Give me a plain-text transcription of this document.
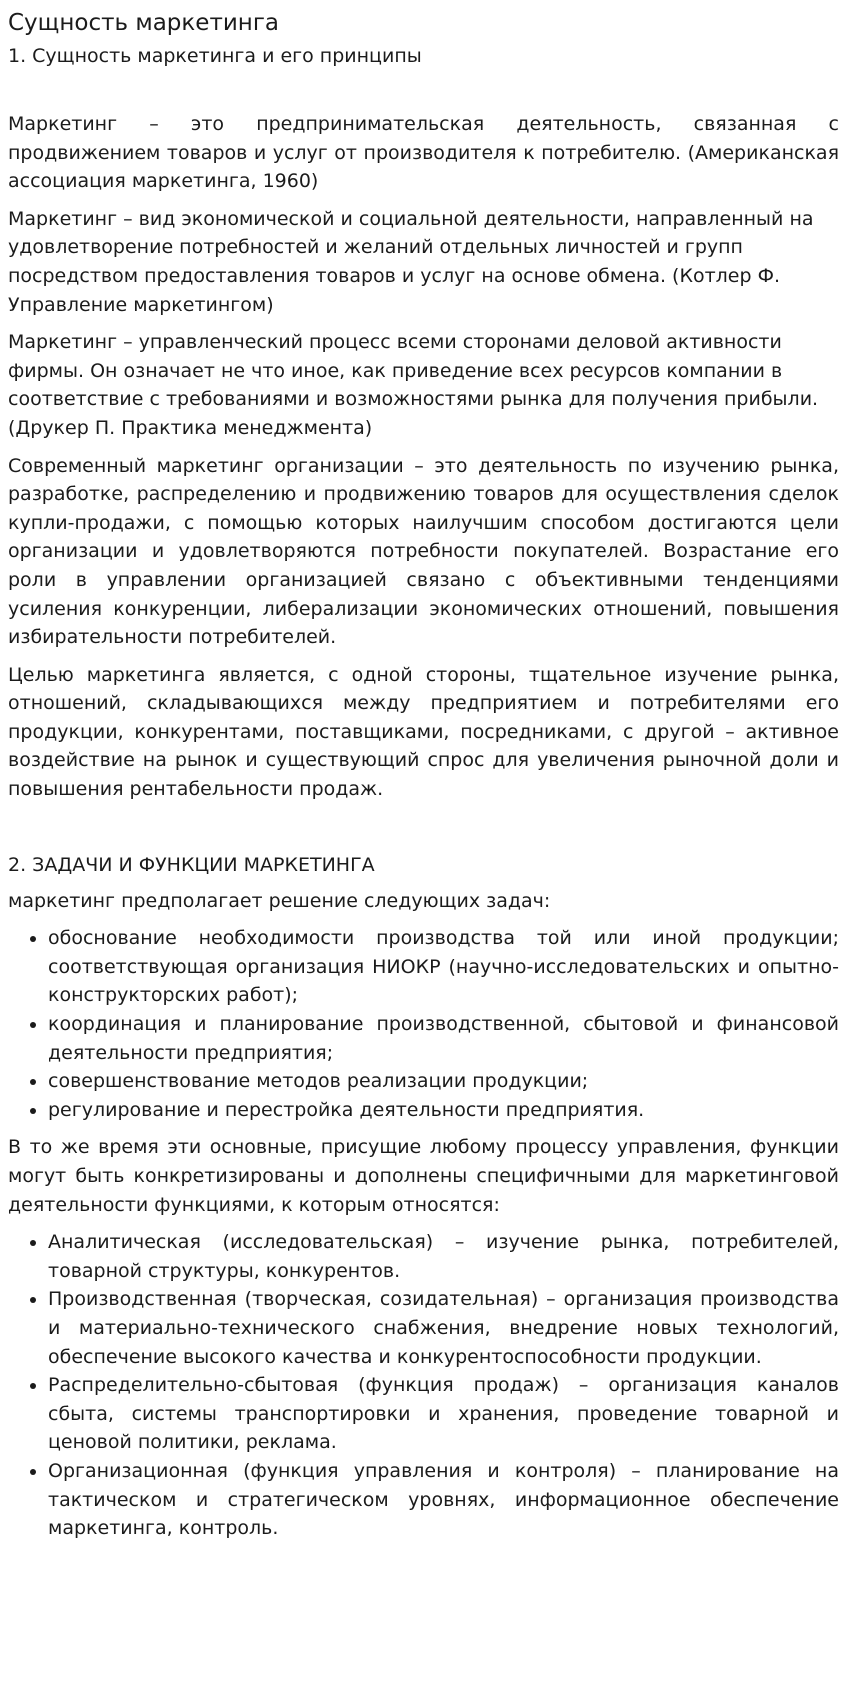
Сущность маркетинга
1. Сущность маркетинга и его принципы

Маркетинг – это предпринимательская деятельность, связанная с продвижением товаров и услуг от производителя к потребителю. (Американская ассоциация маркетинга, 1960)

Маркетинг – вид экономической и социальной деятельности, направленный на удовлетворение потребностей и желаний отдельных личностей и групп посредством предоставления товаров и услуг на основе обмена. (Котлер Ф. Управление маркетингом)

Маркетинг – управленческий процесс всеми сторонами деловой активности фирмы. Он означает не что иное, как приведение всех ресурсов компании в соответствие с требованиями и возможностями рынка для получения прибыли. (Друкер П. Практика менеджмента)

Современный маркетинг организации – это деятельность по изучению рынка, разработке, распределению и продвижению товаров для осуществления сделок купли-продажи, с помощью которых наилучшим способом достигаются цели организации и удовлетворяются потребности покупателей. Возрастание его роли в управлении организацией связано с объективными тенденциями усиления конкуренции, либерализации экономических отношений, повышения избирательности потребителей.

Целью маркетинга является, с одной стороны, тщательное изучение рынка, отношений, складывающихся между предприятием и потребителями его продукции, конкурентами, поставщиками, посредниками, с другой – активное воздействие на рынок и существующий спрос для увеличения рыночной доли и повышения рентабельности продаж.

2. ЗАДАЧИ И ФУНКЦИИ МАРКЕТИНГА

маркетинг предполагает решение следующих задач:

• обоснование необходимости производства той или иной продукции; соответствующая организация НИОКР (научно-исследовательских и опытно-конструкторских работ);
• координация и планирование производственной, сбытовой и финансовой деятельности предприятия;
• совершенствование методов реализации продукции;
• регулирование и перестройка деятельности предприятия.

В то же время эти основные, присущие любому процессу управления, функции могут быть конкретизированы и дополнены специфичными для маркетинговой деятельности функциями, к которым относятся:

• Аналитическая (исследовательская) – изучение рынка, потребителей, товарной структуры, конкурентов.
• Производственная (творческая, созидательная) – организация производства и материально-технического снабжения, внедрение новых технологий, обеспечение высокого качества и конкурентоспособности продукции.
• Распределительно-сбытовая (функция продаж) – организация каналов сбыта, системы транспортировки и хранения, проведение товарной и ценовой политики, реклама.
• Организационная (функция управления и контроля) – планирование на тактическом и стратегическом уровнях, информационное обеспечение маркетинга, контроль.
